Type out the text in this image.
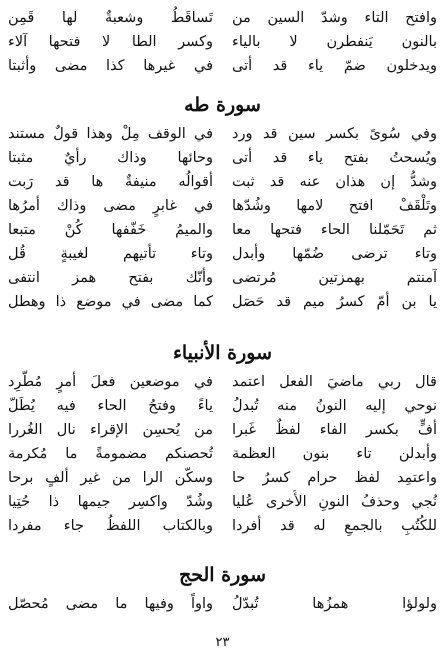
وافتح التاء وشدّ السين من
تَساقَطُ وشعبةٌ لها قَمِن
بالنون يَنفطرن لا بالياء
وكسر الطا لا فتحها آلاء
ويدخلون ضمّ ياء قد أتى
في غيرها كذا مضى وأثبتا
سورة طه
وفي سُوىً بكسر سين قد ورد
في الوقف مِلْ وهذا قولٌ مستند
ويُسحتُ بفتح ياء قد أتى
وحائها وذاك رأيٌ مثبتا
وشدُّ إن هذان عنه قد ثبت
أقوالُه منيفةٌ ها قد رَبت
وتَلْقَفْ افتح لامها وشُدّها
في غابرٍ مضى وذاك أمرُها
ثم تَحَمّلنا الحاء فتحها معا
والميمُ خَفّفها كُنْ متبعا
وتاء ترضى ضُمّها وأبدل
وتاء تأتيهم لغيبةٍ قُل
آمنتم بهمزتين مُرتضى
وأنّك بفتح همز انتفى
يا بن أمّ كسرُ ميم قد حَصَل
كما مضى في موضع ذا وهطل
سورة الأنبياء
قال ربي ماضيَ الفعل اعتمد
في موضعين فعلَ أمرٍ مُطَّرِد
نوحي إليه النونُ منه تُبدلُ
ياءً وفتحُ الحاء فيه يُطَلّ
أفٍّ بكسر الفاء لفظٌ غَبرا
من يُحسِن الإقراء نال الغُررا
وأبدلن تاء بنون العظمة
تُحصنكم مضمومةً ما مُكرمة
واعتمِد لفظ حرام كسرُ حا
وسكّن الرا من غير ألفٍ برحا
نُجي وحذفُ النونِ الأُخرى عُليا
وشُدّ واكسِر جيمها ذا حُتِيا
للكُتُبِ بالجمعِ له قد أفردا
وبالكتاب اللفظُ جاء مفردا
سورة الحج
ولولؤا همزُها تُبدّلُ
واواً وفيها ما مضى مُحصّل
٢٣
